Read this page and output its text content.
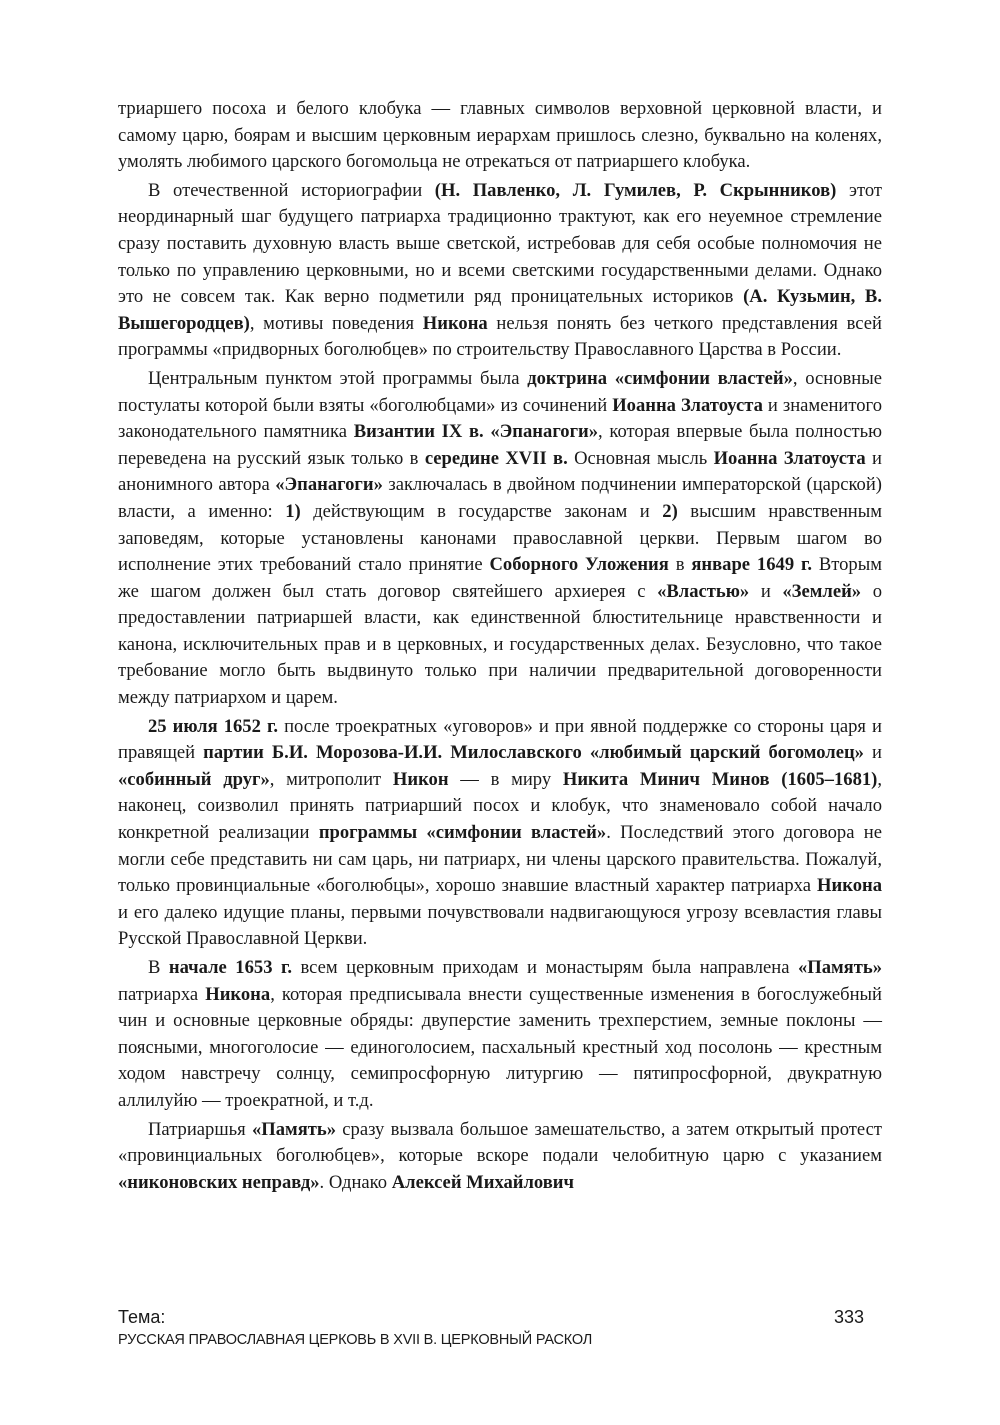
триаршего посоха и белого клобука — главных символов верховной церковной власти, и самому царю, боярам и высшим церковным иерархам пришлось слезно, буквально на коленях, умолять любимого царского богомольца не отрекаться от патриаршего клобука.

В отечественной историографии (Н. Павленко, Л. Гумилев, Р. Скрынников) этот неординарный шаг будущего патриарха традиционно трактуют, как его неуемное стремление сразу поставить духовную власть выше светской, истребовав для себя особые полномочия не только по управлению церковными, но и всеми светскими государственными делами. Однако это не совсем так. Как верно подметили ряд проницательных историков (А. Кузьмин, В. Вышегородцев), мотивы поведения Никона нельзя понять без четкого представления всей программы «придворных боголюбцев» по строительству Православного Царства в России.

Центральным пунктом этой программы была доктрина «симфонии властей», основные постулаты которой были взяты «боголюбцами» из сочинений Иоанна Златоуста и знаменитого законодательного памятника Византии IX в. «Эпанагоги», которая впервые была полностью переведена на русский язык только в середине XVII в. Основная мысль Иоанна Златоуста и анонимного автора «Эпанагоги» заключалась в двойном подчинении императорской (царской) власти, а именно: 1) действующим в государстве законам и 2) высшим нравственным заповедям, которые установлены канонами православной церкви. Первым шагом во исполнение этих требований стало принятие Соборного Уложения в январе 1649 г. Вторым же шагом должен был стать договор святейшего архиерея с «Властью» и «Землей» о предоставлении патриаршей власти, как единственной блюстительнице нравственности и канона, исключительных прав и в церковных, и государственных делах. Безусловно, что такое требование могло быть выдвинуто только при наличии предварительной договоренности между патриархом и царем.

25 июля 1652 г. после троекратных «уговоров» и при явной поддержке со стороны царя и правящей партии Б.И. Морозова-И.И. Милославского «любимый царский богомолец» и «собинный друг», митрополит Никон — в миру Никита Минич Минов (1605–1681), наконец, соизволил принять патриарший посох и клобук, что знаменовало собой начало конкретной реализации программы «симфонии властей». Последствий этого договора не могли себе представить ни сам царь, ни патриарх, ни члены царского правительства. Пожалуй, только провинциальные «боголюбцы», хорошо знавшие властный характер патриарха Никона и его далеко идущие планы, первыми почувствовали надвигающуюся угрозу всевластия главы Русской Православной Церкви.

В начале 1653 г. всем церковным приходам и монастырям была направлена «Память» патриарха Никона, которая предписывала внести существенные изменения в богослужебный чин и основные церковные обряды: двуперстие заменить трехперстием, земные поклоны — поясными, многоголосие — единоголосием, пасхальный крестный ход посолонь — крестным ходом навстречу солнцу, семипросфорную литургию — пятипросфорной, двукратную аллилуйю — троекратной, и т.д.

Патриаршья «Память» сразу вызвала большое замешательство, а затем открытый протест «провинциальных боголюбцев», которые вскоре подали челобитную царю с указанием «никоновских неправд». Однако Алексей Михайлович

Тема:
РУССКАЯ ПРАВОСЛАВНАЯ ЦЕРКОВЬ В XVII В. ЦЕРКОВНЫЙ РАСКОЛ
333
